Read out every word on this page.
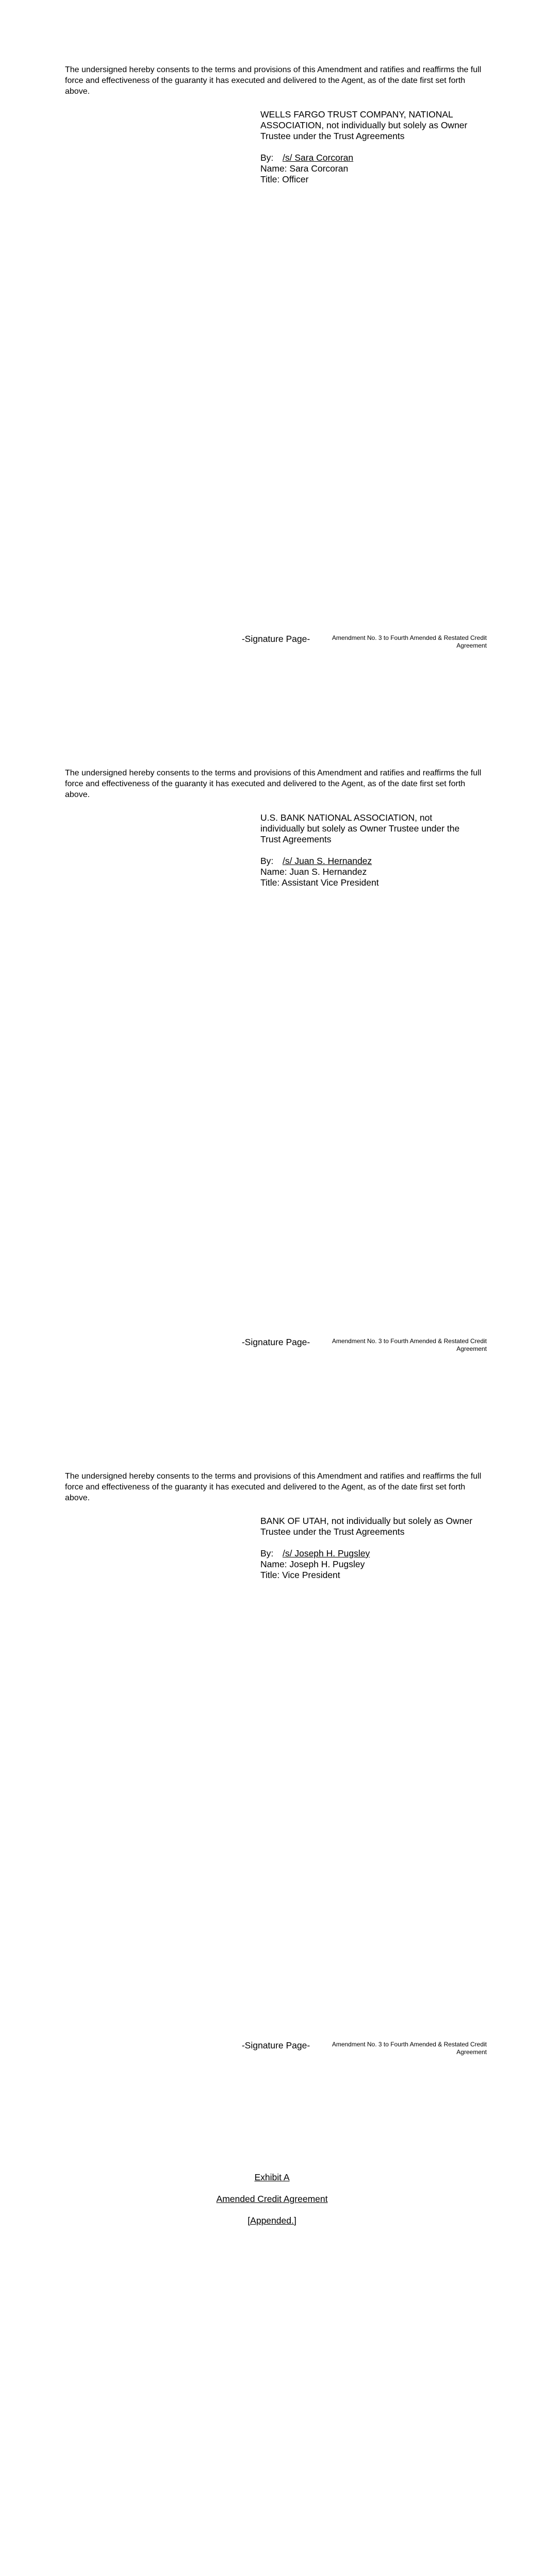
The undersigned hereby consents to the terms and provisions of this Amendment and ratifies and reaffirms the full force and effectiveness of the guaranty it has executed and delivered to the Agent, as of the date first set forth above.

WELLS FARGO TRUST COMPANY, NATIONAL ASSOCIATION, not individually but solely as Owner Trustee under the Trust Agreements

By: /s/ Sara Corcoran

Name: Sara Corcoran

Title: Officer

-Signature Page-	Amendment No. 3 to Fourth Amended & Restated Credit Agreement

The undersigned hereby consents to the terms and provisions of this Amendment and ratifies and reaffirms the full force and effectiveness of the guaranty it has executed and delivered to the Agent, as of the date first set forth above.

U.S. BANK NATIONAL ASSOCIATION, not individually but solely as Owner Trustee under the Trust Agreements

By: /s/ Juan S. Hernandez

Name: Juan S. Hernandez

Title: Assistant Vice President

-Signature Page-	Amendment No. 3 to Fourth Amended & Restated Credit Agreement

The undersigned hereby consents to the terms and provisions of this Amendment and ratifies and reaffirms the full force and effectiveness of the guaranty it has executed and delivered to the Agent, as of the date first set forth above.

BANK OF UTAH, not individually but solely as Owner Trustee under the Trust Agreements

By: /s/ Joseph H. Pugsley

Name: Joseph H. Pugsley

Title: Vice President

-Signature Page-	Amendment No. 3 to Fourth Amended & Restated Credit Agreement

Exhibit A

Amended Credit Agreement

[Appended.]
